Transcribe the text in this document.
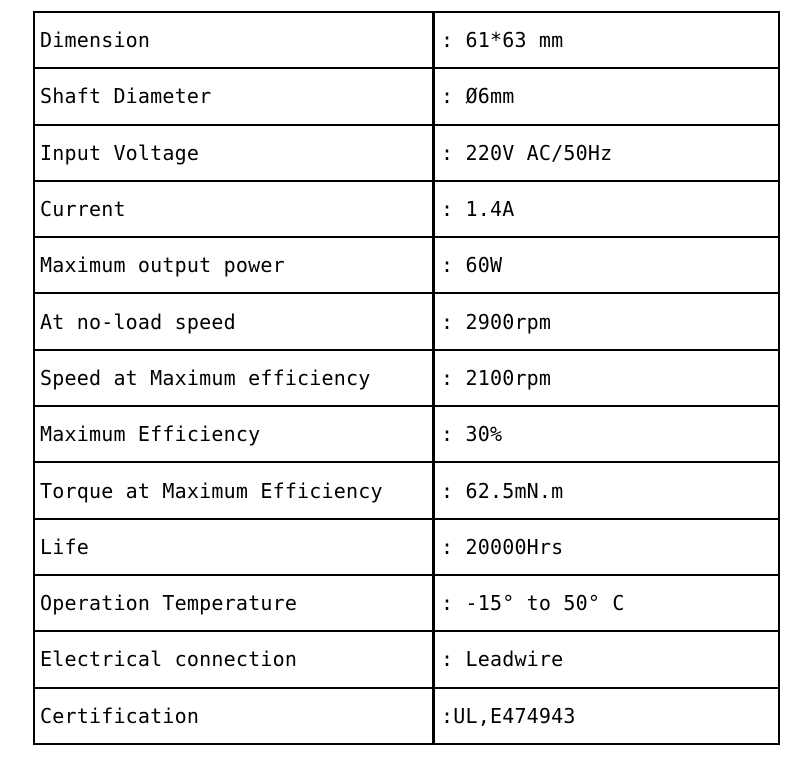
Dimension	: 61*63 mm
Shaft Diameter	: Ø6mm
Input Voltage	: 220V AC/50Hz
Current	: 1.4A
Maximum output power	: 60W
At no-load speed	: 2900rpm
Speed at Maximum efficiency	: 2100rpm
Maximum Efficiency	: 30%
Torque at Maximum Efficiency	: 62.5mN.m
Life	: 20000Hrs
Operation Temperature	: -15° to 50° C
Electrical connection	: Leadwire
Certification	:UL,E474943
